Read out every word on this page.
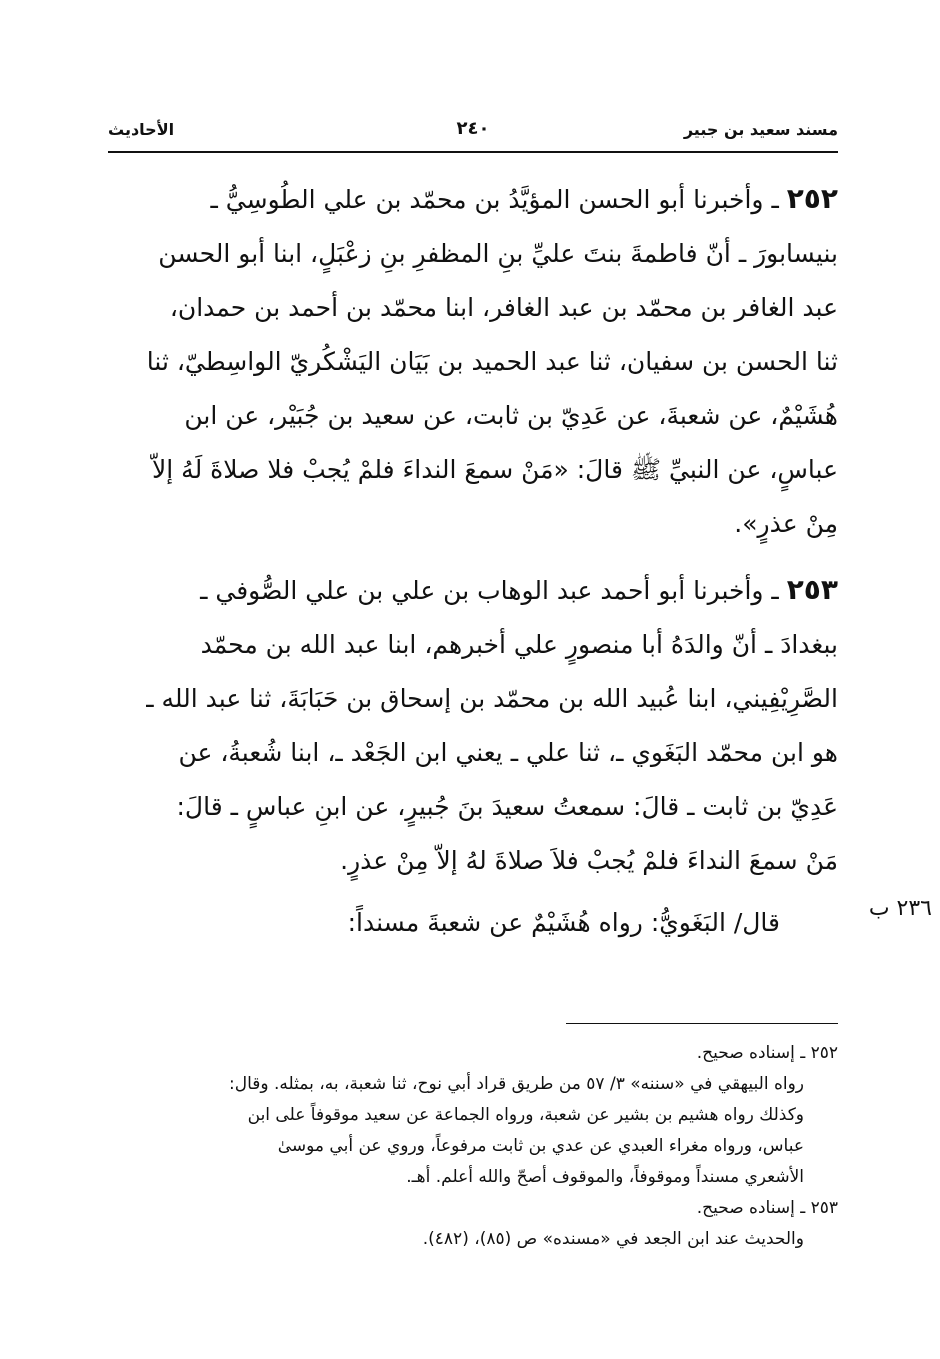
مسند سعيد بن جبير
٢٤٠
الأحاديث
٢٥٢ ـ وأخبرنا أبو الحسن المؤيَّدُ بن محمّد بن علي الطُوسِيُّ ـ
بنيسابورَ ـ أنّ فاطمةَ بنتَ عليِّ بنِ المظفرِ بنِ زعْبَلٍ، ابنا أبو الحسن
عبد الغافر بن محمّد بن عبد الغافر، ابنا محمّد بن أحمد بن حمدان،
ثنا الحسن بن سفيان، ثنا عبد الحميد بن بَيَان اليَشْكُريّ الواسِطيّ، ثنا
هُشَيْمٌ، عن شعبةَ، عن عَدِيّ بن ثابت، عن سعيد بن جُبَيْر، عن ابن
عباسٍ، عن النبيِّ ﷺ قالَ: «مَنْ سمعَ النداءَ فلمْ يُجبْ فلا صلاةَ لَهُ إلاّ
مِنْ عذرٍ».
٢٥٣ ـ وأخبرنا أبو أحمد عبد الوهاب بن علي بن علي الصُّوفي ـ
ببغدادَ ـ أنّ والدَهُ أبا منصورٍ علي أخبرهم، ابنا عبد الله بن محمّد
الصَّرِيْفِيني، ابنا عُبيد الله بن محمّد بن إسحاق بن حَبَابَةَ، ثنا عبد الله ـ
هو ابن محمّد البَغَوي ـ، ثنا علي ـ يعني ابن الجَعْد ـ، ابنا شُعبةُ، عن
عَدِيّ بن ثابت ـ قالَ: سمعتُ سعيدَ بنَ جُبيرٍ، عن ابنِ عباسٍ ـ قالَ:
مَنْ سمعَ النداءَ فلمْ يُجبْ فلاَ صلاةَ لهُ إلاّ مِنْ عذرٍ.
قال/ البَغَويُّ: رواه هُشَيْمٌ عن شعبةَ مسنداً:	٢٣٦ ب
٢٥٢ ـ إسناده صحيح.
رواه البيهقي في «سننه» ٣/ ٥٧ من طريق قراد أبي نوح، ثنا شعبة، به، بمثله. وقال:
وكذلك رواه هشيم بن بشير عن شعبة، ورواه الجماعة عن سعيد موقوفاً على ابن
عباس، ورواه مغراء العبدي عن عدي بن ثابت مرفوعاً، وروي عن أبي موسىٰ
الأشعري مسنداً وموقوفاً، والموقوف أصحّ والله أعلم. أهـ.
٢٥٣ ـ إسناده صحيح.
والحديث عند ابن الجعد في «مسنده» ص (٨٥)، (٤٨٢).
